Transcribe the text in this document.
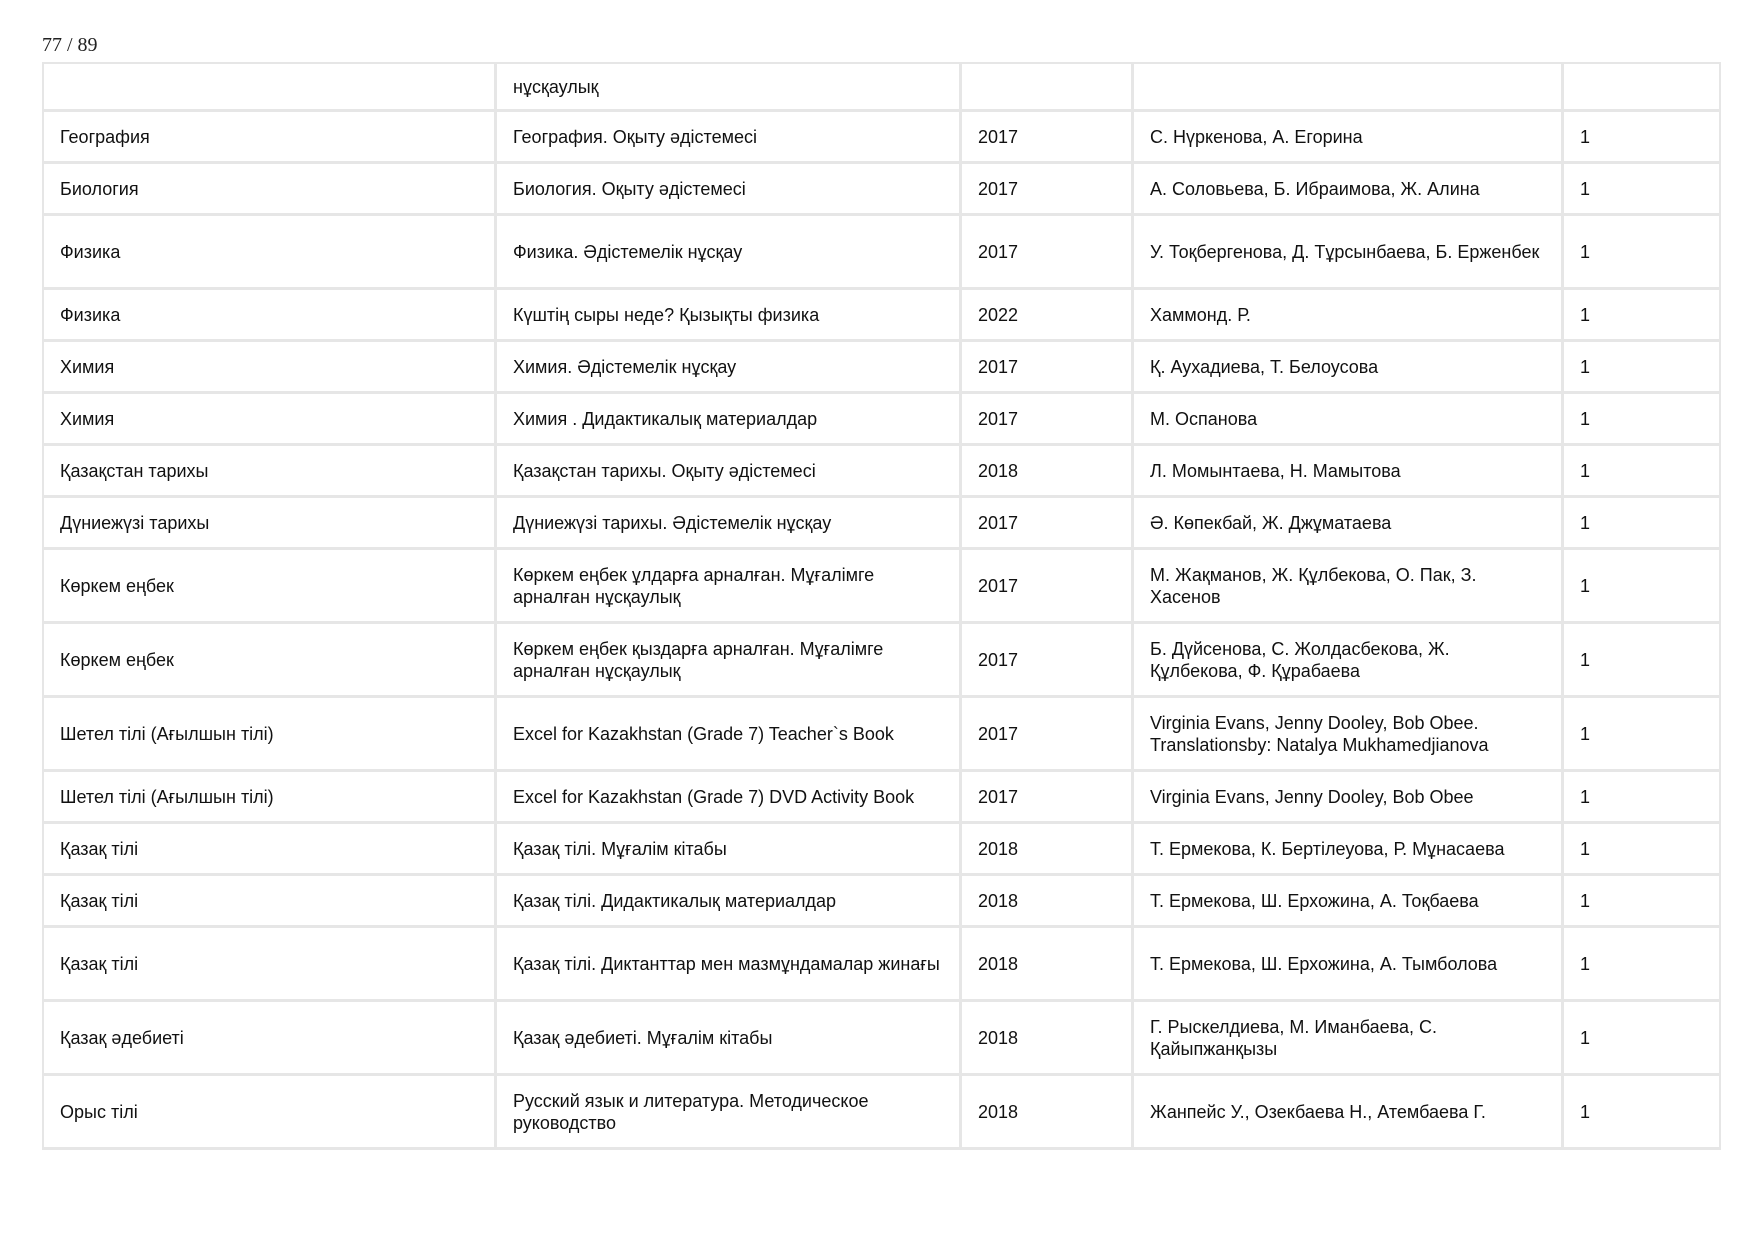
77 / 89
	нұсқаулық			
География	География. Оқыту әдістемесі	2017	С. Нүркенова, А. Егорина	1
Биология	Биология. Оқыту әдістемесі	2017	А. Соловьева, Б. Ибраимова, Ж. Алина	1
Физика	Физика. Әдістемелік нұсқау	2017	У. Тоқбергенова, Д. Тұрсынбаева, Б. Ерженбек	1
Физика	Күштің сыры неде? Қызықты физика	2022	Хаммонд. Р.	1
Химия	Химия. Әдістемелік нұсқау	2017	Қ. Аухадиева, Т. Белоусова	1
Химия	Химия . Дидактикалық материалдар	2017	М. Оспанова	1
Қазақстан тарихы	Қазақстан тарихы. Оқыту әдістемесі	2018	Л. Момынтаева, Н. Мамытова	1
Дүниежүзі тарихы	Дүниежүзі тарихы. Әдістемелік нұсқау	2017	Ә. Көпекбай, Ж. Джұматаева	1
Көркем еңбек	Көркем еңбек ұлдарға арналған. Мұғалімге арналған нұсқаулық	2017	М. Жақманов, Ж. Құлбекова, О. Пак, З. Хасенов	1
Көркем еңбек	Көркем еңбек қыздарға арналған. Мұғалімге арналған нұсқаулық	2017	Б. Дүйсенова, С. Жолдасбекова, Ж. Құлбекова, Ф. Құрабаева	1
Шетел тілі (Ағылшын тілі)	Excel for Kazakhstan (Grade 7) Teacher`s Book	2017	Virginia Evans, Jenny Dooley, Bob Obee. Translationsby: Natalya Mukhamedjianova	1
Шетел тілі (Ағылшын тілі)	Excel for Kazakhstan (Grade 7) DVD Activity Book	2017	Virginia Evans, Jenny Dooley, Bob Obee	1
Қазақ тілі	Қазақ тілі. Мұғалім кітабы	2018	Т. Ермекова, К. Бертілеуова, Р. Мұнасаева	1
Қазақ тілі	Қазақ тілі. Дидактикалық материалдар	2018	Т. Ермекова, Ш. Ерхожина, А. Тоқбаева	1
Қазақ тілі	Қазақ тілі. Диктанттар мен мазмұндамалар жинағы	2018	Т. Ермекова, Ш. Ерхожина, А. Тымболова	1
Қазақ әдебиеті	Қазақ әдебиеті. Мұғалім кітабы	2018	Г. Рыскелдиева, М. Иманбаева, С. Қайыпжанқызы	1
Орыс тілі	Русский язык и литература. Методическое руководство	2018	Жанпейс У., Озекбаева Н., Атембаева Г.	1
